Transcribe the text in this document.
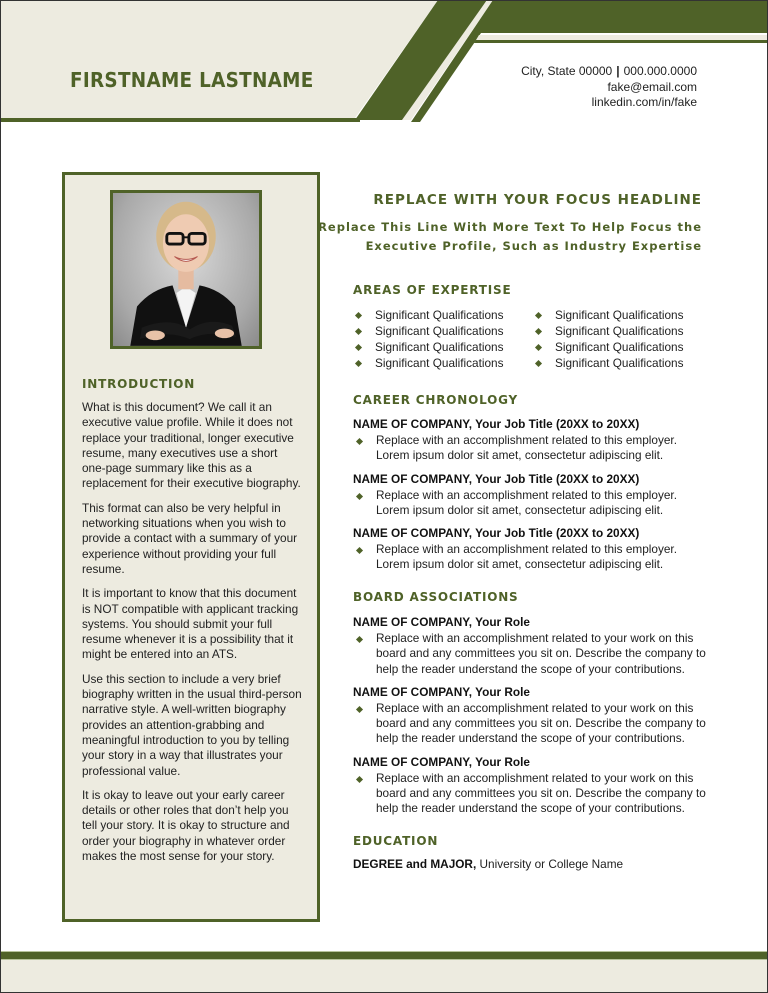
FIRSTNAME LASTNAME	City, State 00000 | 000.000.0000
fake@email.com
linkedin.com/in/fake
INTRODUCTION

What is this document? We call it an executive value profile. While it does not replace your traditional, longer executive resume, many executives use a short one-page summary like this as a replacement for their executive biography.

This format can also be very helpful in networking situations when you wish to provide a contact with a summary of your experience without providing your full resume.

It is important to know that this document is NOT compatible with applicant tracking systems. You should submit your full resume whenever it is a possibility that it might be entered into an ATS.

Use this section to include a very brief biography written in the usual third-person narrative style. A well-written biography provides an attention-grabbing and meaningful introduction to you by telling your story in a way that illustrates your professional value.

It is okay to leave out your early career details or other roles that don’t help you tell your story. It is okay to structure and order your biography in whatever order makes the most sense for your story.

REPLACE WITH YOUR FOCUS HEADLINE
Replace This Line With More Text To Help Focus the
Executive Profile, Such as Industry Expertise
AREAS OF EXPERTISE
Significant Qualifications
Significant Qualifications
Significant Qualifications
Significant Qualifications
Significant Qualifications
Significant Qualifications
Significant Qualifications
Significant Qualifications
CAREER CHRONOLOGY
NAME OF COMPANY, Your Job Title (20XX to 20XX)
Replace with an accomplishment related to this employer. Lorem ipsum dolor sit amet, consectetur adipiscing elit.
NAME OF COMPANY, Your Job Title (20XX to 20XX)
Replace with an accomplishment related to this employer. Lorem ipsum dolor sit amet, consectetur adipiscing elit.
NAME OF COMPANY, Your Job Title (20XX to 20XX)
Replace with an accomplishment related to this employer. Lorem ipsum dolor sit amet, consectetur adipiscing elit.
BOARD ASSOCIATIONS
NAME OF COMPANY, Your Role
Replace with an accomplishment related to your work on this board and any committees you sit on. Describe the company to help the reader understand the scope of your contributions.
NAME OF COMPANY, Your Role
Replace with an accomplishment related to your work on this board and any committees you sit on. Describe the company to help the reader understand the scope of your contributions.
NAME OF COMPANY, Your Role
Replace with an accomplishment related to your work on this board and any committees you sit on. Describe the company to help the reader understand the scope of your contributions.
EDUCATION
DEGREE and MAJOR, University or College Name
